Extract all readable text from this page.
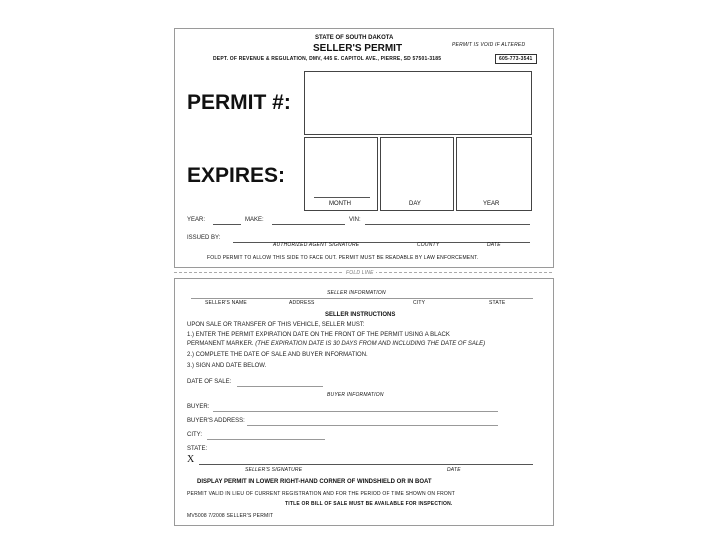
STATE OF SOUTH DAKOTA
SELLER'S PERMIT	PERMIT IS VOID IF ALTERED
DEPT. OF REVENUE & REGULATION, DMV, 445 E. CAPITOL AVE., PIERRE, SD 57501-3185	605-773-3541
PERMIT #:
EXPIRES:
MONTH	DAY	YEAR
YEAR:	MAKE:	VIN:
ISSUED BY:
AUTHORIZED AGENT SIGNATURE	COUNTY	DATE
FOLD PERMIT TO ALLOW THIS SIDE TO FACE OUT. PERMIT MUST BE READABLE BY LAW ENFORCEMENT.
FOLD LINE
SELLER INFORMATION
SELLER'S NAME	ADDRESS	CITY	STATE
SELLER INSTRUCTIONS
UPON SALE OR TRANSFER OF THIS VEHICLE, SELLER MUST:
1.) ENTER THE PERMIT EXPIRATION DATE ON THE FRONT OF THE PERMIT USING A BLACK
PERMANENT MARKER. (THE EXPIRATION DATE IS 30 DAYS FROM AND INCLUDING THE DATE OF SALE)
2.) COMPLETE THE DATE OF SALE AND BUYER INFORMATION.
3.) SIGN AND DATE BELOW.
DATE OF SALE:
BUYER INFORMATION
BUYER:
BUYER'S ADDRESS:
CITY:
STATE:
X
SELLER'S SIGNATURE	DATE
DISPLAY PERMIT IN LOWER RIGHT-HAND CORNER OF WINDSHIELD OR IN BOAT
PERMIT VALID IN LIEU OF CURRENT REGISTRATION AND FOR THE PERIOD OF TIME SHOWN ON FRONT
TITLE OR BILL OF SALE MUST BE AVAILABLE FOR INSPECTION.
MV5008 7/2008 SELLER'S PERMIT
